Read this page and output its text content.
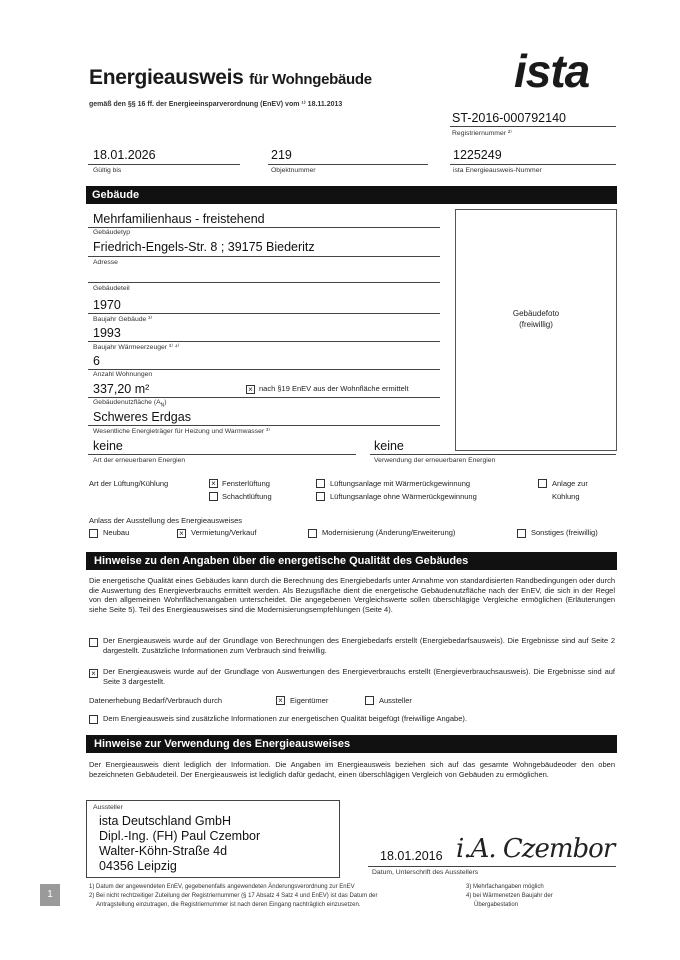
Energieausweis für Wohngebäude	ista
gemäß den §§ 16 ff. der Energieeinsparverordnung (EnEV) vom ¹⁾ 18.11.2013
ST-2016-000792140
Registriernummer ²⁾
18.01.2026
Gültig bis
219
Objektnummer
1225249
ista Energieausweis-Nummer
Gebäude
Mehrfamilienhaus - freistehend
Gebäudetyp
Friedrich-Engels-Str. 8 ; 39175 Biederitz
Adresse
Gebäudeteil
1970
Baujahr Gebäude ³⁾
1993
Baujahr Wärmeerzeuger ³⁾ ⁴⁾
6
Anzahl Wohnungen
337,20 m²	× nach §19 EnEV aus der Wohnfläche ermittelt
Gebäudenutzfläche $(A_N)$
Schweres Erdgas
Wesentliche Energieträger für Heizung und Warmwasser ³⁾
keine
Art der erneuerbaren Energien
keine
Verwendung der erneuerbaren Energien
Gebäudefoto
(freiwillig)
Art der Lüftung/Kühlung	× Fensterlüftung
Schachtlüftung
Lüftungsanlage mit Wärmerückgewinnung
Lüftungsanlage ohne Wärmerückgewinnung
Anlage zur
Kühlung
Anlass der Ausstellung des Energieausweises
Neubau	× Vermietung/Verkauf	Modernisierung (Änderung/Erweiterung)	Sonstiges (freiwillig)
Hinweise zu den Angaben über die energetische Qualität des Gebäudes
Die energetische Qualität eines Gebäudes kann durch die Berechnung des Energiebedarfs unter Annahme von standardisierten Randbedingungen oder durch die Auswertung des Energieverbrauchs ermittelt werden. Als Bezugsfläche dient die energetische Gebäudenutzfläche nach der EnEV, die sich in der Regel von den allgemeinen Wohnflächenangaben unterscheidet. Die angegebenen Vergleichswerte sollen überschlägige Vergleiche ermöglichen (Erläuterungen siehe Seite 5). Teil des Energieausweises sind die Modernisierungsempfehlungen (Seite 4).
Der Energieausweis wurde auf der Grundlage von Berechnungen des Energiebedarfs erstellt (Energiebedarfsausweis). Die Ergebnisse sind auf Seite 2 dargestellt. Zusätzliche Informationen zum Verbrauch sind freiwillig.
× Der Energieausweis wurde auf der Grundlage von Auswertungen des Energieverbrauchs erstellt (Energieverbrauchsausweis). Die Ergebnisse sind auf Seite 3 dargestellt.
Datenerhebung Bedarf/Verbrauch durch	× Eigentümer	Aussteller
Dem Energieausweis sind zusätzliche Informationen zur energetischen Qualität beigefügt (freiwillige Angabe).
Hinweise zur Verwendung des Energieausweises
Der Energieausweis dient lediglich der Information. Die Angaben im Energieausweis beziehen sich auf das gesamte Wohngebäudeoder den oben bezeichneten Gebäudeteil. Der Energieausweis ist lediglich dafür gedacht, einen überschlägigen Vergleich von Gebäuden zu ermöglichen.
Aussteller
ista Deutschland GmbH
Dipl.-Ing. (FH) Paul Czembor
Walter-Köhn-Straße 4d
04356 Leipzig
18.01.2016 i.A. Czembor
Datum, Unterschrift des Ausstellers
1) Datum der angewendeten EnEV, gegebenenfalls angewendeten Änderungsverordnung zur EnEV
2) Bei nicht rechtzeitiger Zuteilung der Registriernummer (§ 17 Absatz 4 Satz 4 und EnEV) ist das Datum der
Antragstellung einzutragen, die Registriernummer ist nach deren Eingang nachträglich einzusetzen.
3) Mehrfachangaben möglich
4) bei Wärmenetzen Baujahr der
Übergabestation
1
